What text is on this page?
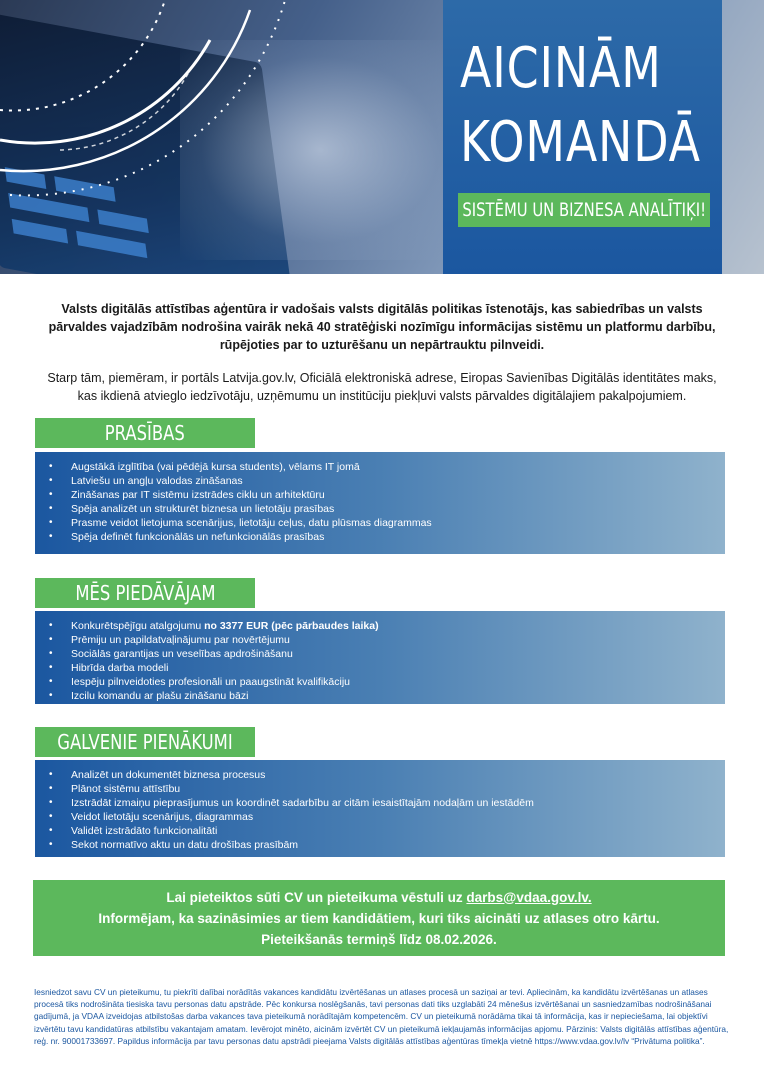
AICINĀM
KOMANDĀ
SISTĒMU UN BIZNESA ANALĪTIĶI!
Valsts digitālās attīstības aģentūra ir vadošais valsts digitālās politikas īstenotājs, kas sabiedrības un valsts pārvaldes vajadzībām nodrošina vairāk nekā 40 stratēģiski nozīmīgu informācijas sistēmu un platformu darbību, rūpējoties par to uzturēšanu un nepārtrauktu pilnveidi.
Starp tām, piemēram, ir portāls Latvija.gov.lv, Oficiālā elektroniskā adrese, Eiropas Savienības Digitālās identitātes maks, kas ikdienā atvieglo iedzīvotāju, uzņēmumu un institūciju piekļuvi valsts pārvaldes digitālajiem pakalpojumiem.
PRASĪBAS
• Augstākā izglītība (vai pēdējā kursa students), vēlams IT jomā
• Latviešu un angļu valodas zināšanas
• Zināšanas par IT sistēmu izstrādes ciklu un arhitektūru
• Spēja analizēt un strukturēt biznesa un lietotāju prasības
• Prasme veidot lietojuma scenārijus, lietotāju ceļus, datu plūsmas diagrammas
• Spēja definēt funkcionālās un nefunkcionālās prasības
MĒS PIEDĀVĀJAM
• Konkurētspējīgu atalgojumu no 3377 EUR (pēc pārbaudes laika)
• Prēmiju un papildatvaļinājumu par novērtējumu
• Sociālās garantijas un veselības apdrošināšanu
• Hibrīda darba modeli
• Iespēju pilnveidoties profesionāli un paaugstināt kvalifikāciju
• Izcilu komandu ar plašu zināšanu bāzi
GALVENIE PIENĀKUMI
• Analizēt un dokumentēt biznesa procesus
• Plānot sistēmu attīstību
• Izstrādāt izmaiņu pieprasījumus un koordinēt sadarbību ar citām iesaistītajām nodaļām un iestādēm
• Veidot lietotāju scenārijus, diagrammas
• Validēt izstrādāto funkcionalitāti
• Sekot normatīvo aktu un datu drošības prasībām
Lai pieteiktos sūti CV un pieteikuma vēstuli uz darbs@vdaa.gov.lv.
Informējam, ka sazināsimies ar tiem kandidātiem, kuri tiks aicināti uz atlases otro kārtu.
Pieteikšanās termiņš līdz 08.02.2026.
Iesniedzot savu CV un pieteikumu, tu piekrīti dalībai norādītās vakances kandidātu izvērtēšanas un atlases procesā un saziņai ar tevi. Apliecinām, ka kandidātu izvērtēšanas un atlases procesā tiks nodrošināta tiesiska tavu personas datu apstrāde. Pēc konkursa noslēgšanās, tavi personas dati tiks uzglabāti 24 mēnešus izvērtēšanai un sasniedzamības nodrošināšanai gadījumā, ja VDAA izveidojas atbilstošas darba vakances tava pieteikumā norādītajām kompetencēm. CV un pieteikumā norādāma tikai tā informācija, kas ir nepieciešama, lai objektīvi izvērtētu tavu kandidatūras atbilstību vakantajam amatam. Ievērojot minēto, aicinām izvērtēt CV un pieteikumā iekļaujamās informācijas apjomu. Pārzinis: Valsts digitālās attīstības aģentūra, reģ. nr. 90001733697. Papildus informācija par tavu personas datu apstrādi pieejama Valsts digitālās attīstības aģentūras tīmekļa vietnē https://www.vdaa.gov.lv/lv “Privātuma politika”.
